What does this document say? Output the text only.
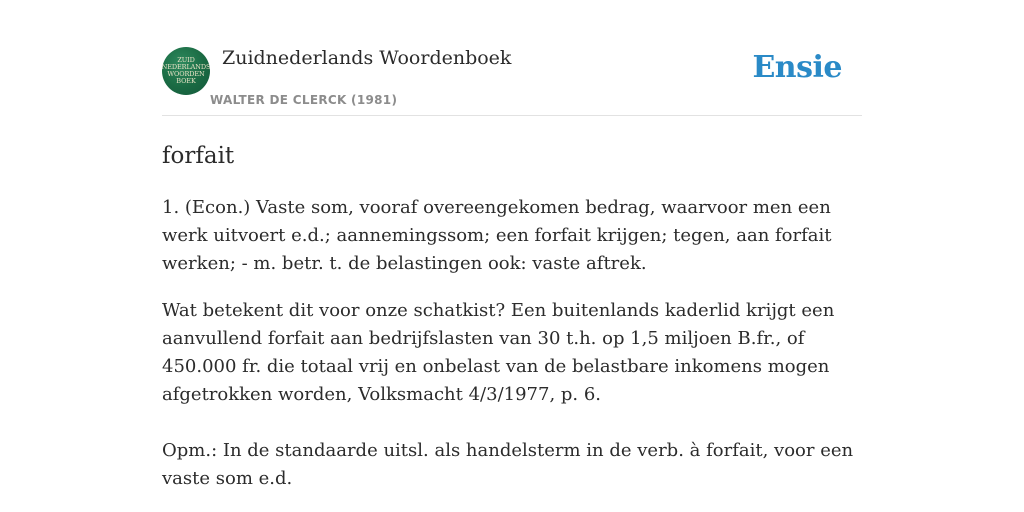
ZUID
NEDERLANDS
WOORDEN
BOEK
Zuidnederlands Woordenboek
WALTER DE CLERCK (1981)
Ensie
forfait

1. (Econ.) Vaste som, vooraf overeengekomen bedrag, waarvoor men een werk uitvoert e.d.; aannemingssom; een forfait krijgen; tegen, aan forfait werken; - m. betr. t. de belastingen ook: vaste aftrek.

Wat betekent dit voor onze schatkist? Een buitenlands kaderlid krijgt een aanvullend forfait aan bedrijfslasten van 30 t.h. op 1,5 miljoen B.fr., of 450.000 fr. die totaal vrij en onbelast van de belastbare inkomens mogen afgetrokken worden, Volksmacht 4/3/1977, p. 6.

Opm.: In de standaarde uitsl. als handelsterm in de verb. à forfait, voor een vaste som e.d.
